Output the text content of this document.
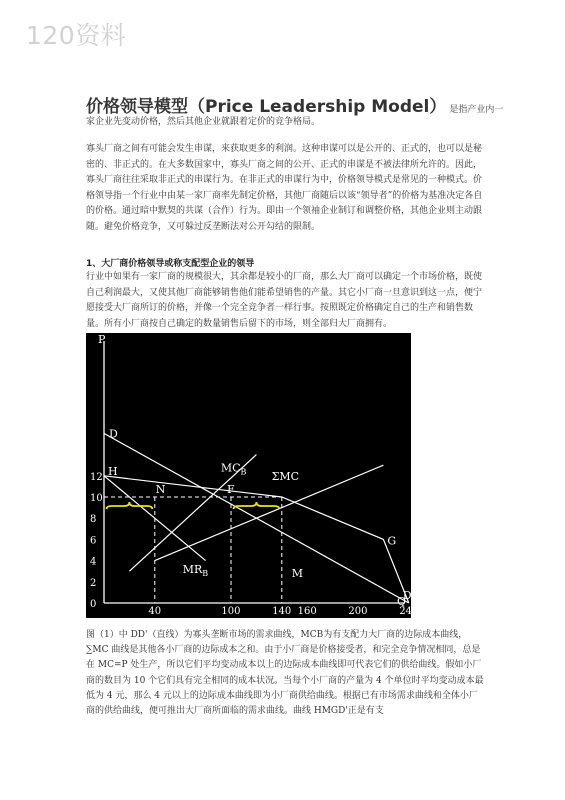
120资料
价格领导模型（Price Leadership Model） 是指产业内一

家企业先变动价格，然后其他企业就跟着定价的竞争格局。

寡头厂商之间有可能会发生串谋，来获取更多的利润。这种串谋可以是公开的、正式的，也可以是秘密的、非正式的。在大多数国家中，寡头厂商之间的公开、正式的串谋是不被法律所允许的。因此，寡头厂商往往采取非正式的串谋行为。在非正式的串谋行为中，价格领导模式是常见的一种模式。价格领导指一个行业中由某一家厂商率先制定价格，其他厂商随后以该“领导者”的价格为基准决定各自的价格。通过暗中默契的共谋（合作）行为。即由一个领袖企业制订和调整价格，其他企业则主动跟随。避免价格竞争，又可躲过反垄断法对公开勾结的限制。

1、大厂商价格领导或称支配型企业的领导

行业中如果有一家厂商的规模很大，其余都是较小的厂商，那么大厂商可以确定一个市场价格，既使自己利润最大，又使其他厂商能够销售他们能希望销售的产量。其它小厂商一旦意识到这一点，便宁愿接受大厂商所订的价格，并像一个完全竞争者一样行事。按照既定价格确定自己的生产和销售数量。所有小厂商按自己确定的数量销售后留下的市场，则全部归大厂商拥有。

P
Q
40	100	140 160	200	240
0
2
4
6
8
10
12
D
H
N	F
M
G
D'
$MC_B$ ΣMC
$MR_B$

图（1）中 DD'（直线）为寡头垄断市场的需求曲线，MCB为有支配力大厂商的边际成本曲线，∑MC 曲线是其他各小厂商的边际成本之和。由于小厂商是价格接受者，和完全竞争情况相同，总是在 MC=P 处生产，所以它们平均变动成本以上的边际成本曲线即可代表它们的供给曲线。假如小厂商的数目为 10 个它们具有完全相同的成本状况。当每个小厂商的产量为 4 个单位时平均变动成本最低为 4 元，那么 4 元以上的边际成本曲线即为小厂商供给曲线。根据已有市场需求曲线和全体小厂商的供给曲线，便可推出大厂商所面临的需求曲线。曲线 HMGD'正是有支
